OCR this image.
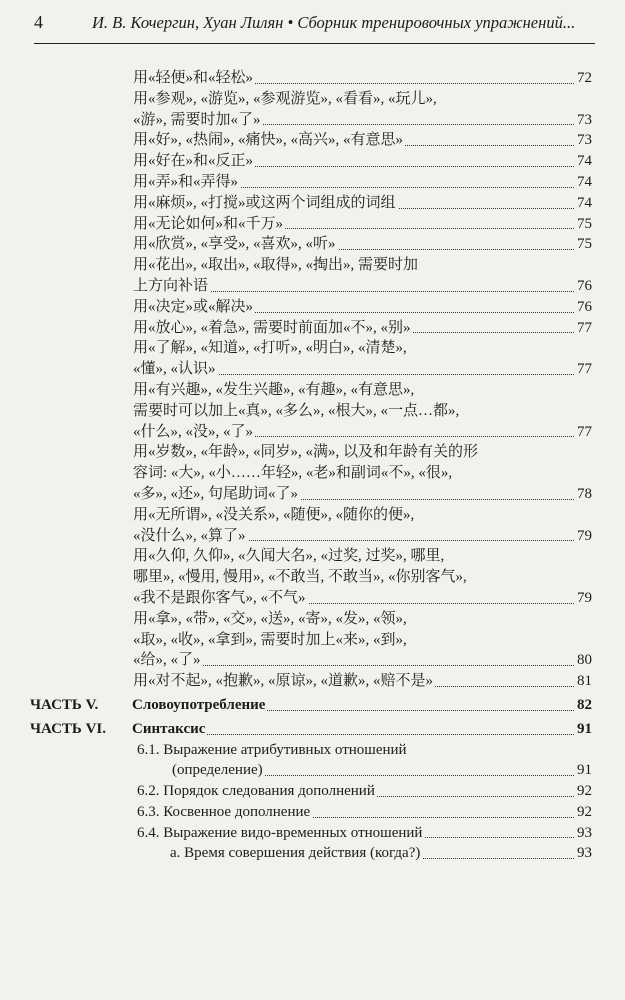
4	И. В. Кочергин, Хуан Лилян • Сборник тренировочных упражнений...
用«轻便»和«轻松»	72
用«参观», «游览», «参观游览», «看看», «玩儿»,
«游», 需要时加«了»	73
用«好», «热闹», «痛快», «高兴», «有意思»	73
用«好在»和«反正»	74
用«弄»和«弄得»	74
用«麻烦», «打搅»或这两个词组成的词组	74
用«无论如何»和«千万»	75
用«欣赏», «享受», «喜欢», «听»	75
用«花出», «取出», «取得», «掏出», 需要时加
上方向补语	76
用«决定»或«解决»	76
用«放心», «着急», 需要时前面加«不», «别»	77
用«了解», «知道», «打听», «明白», «清楚»,
«懂», «认识»	77
用«有兴趣», «发生兴趣», «有趣», «有意思»,
需要时可以加上«真», «多么», «根大», «一点…都»,
«什么», «没», «了»	77
用«岁数», «年龄», «同岁», «满», 以及和年龄有关的形
容词: «大», «小……年轻», «老»和副词«不», «很»,
«多», «还», 句尾助词«了»	78
用«无所谓», «没关系», «随便», «随你的便»,
«没什么», «算了»	79
用«久仰, 久仰», «久闻大名», «过奖, 过奖», 哪里,
哪里», «慢用, 慢用», «不敢当, 不敢当», «你别客气»,
«我不是跟你客气», «不气»	79
用«拿», «带», «交», «送», «寄», «发», «领»,
«取», «收», «拿到», 需要时加上«来», «到»,
«给», «了»	80
用«对不起», «抱歉», «原谅», «道歉», «赔不是»	81
ЧАСТЬ V. Словоупотребление	82
ЧАСТЬ VI. Синтаксис	91
6.1. Выражение атрибутивных отношений
(определение)	91
6.2. Порядок следования дополнений	92
6.3. Косвенное дополнение	92
6.4. Выражение видо-временных отношений	93
а. Время совершения действия (когда?)	93
